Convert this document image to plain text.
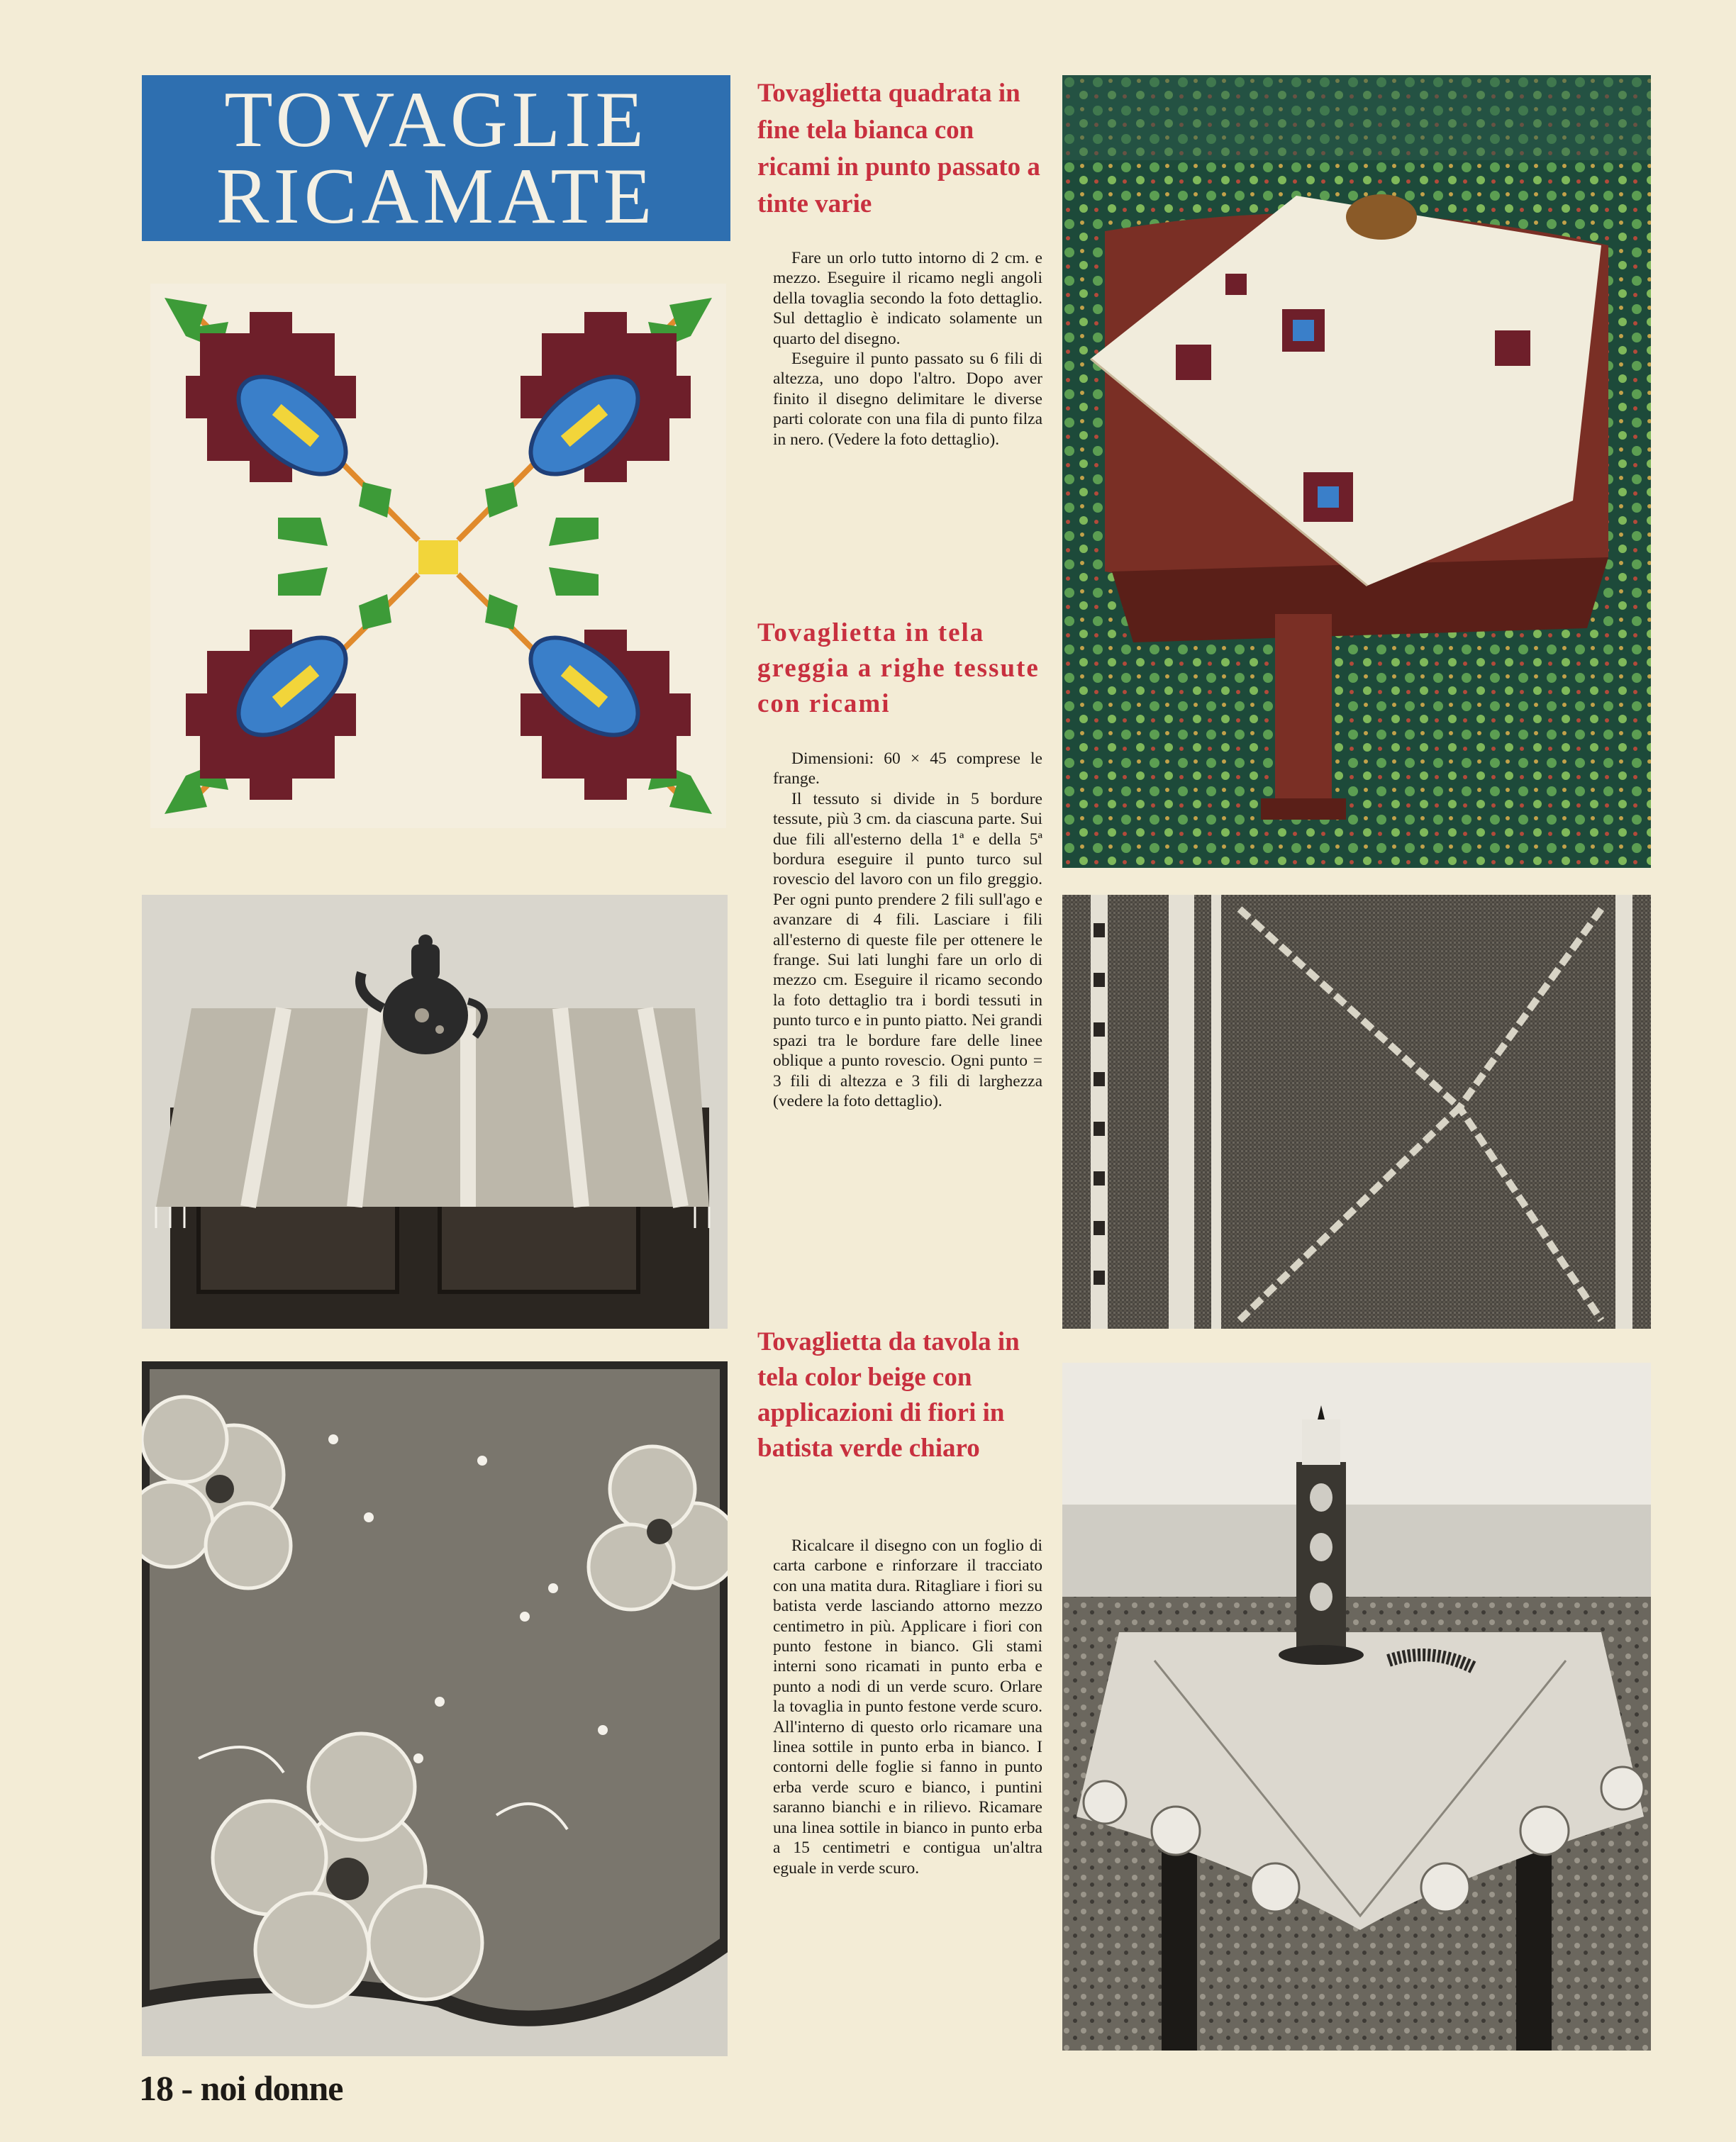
TOVAGLIE
RICAMATE
Tovaglietta quadrata in fine tela bianca con ricami in punto passato a tinte varie

Fare un orlo tutto intorno di 2 cm. e mezzo. Eseguire il ricamo negli angoli della tovaglia secondo la foto dettaglio. Sul dettaglio è indicato solamente un quarto del disegno.

Eseguire il punto passato su 6 fili di altezza, uno dopo l'altro. Dopo aver finito il disegno delimitare le diverse parti colorate con una fila di punto filza in nero. (Vedere la foto dettaglio).

Tovaglietta in tela greggia a righe tessute con ricami

Dimensioni: 60 × 45 comprese le frange.

Il tessuto si divide in 5 bordure tessute, più 3 cm. da ciascuna parte. Sui due fili all'esterno della 1ª e della 5ª bordura eseguire il punto turco sul rovescio del lavoro con un filo greggio. Per ogni punto prendere 2 fili sull'ago e avanzare di 4 fili. Lasciare i fili all'esterno di queste file per ottenere le frange. Sui lati lunghi fare un orlo di mezzo cm. Eseguire il ricamo secondo la foto dettaglio tra i bordi tessuti in punto turco e in punto piatto. Nei grandi spazi tra le bordure fare delle linee oblique a punto rovescio. Ogni punto = 3 fili di altezza e 3 fili di larghezza (vedere la foto dettaglio).

Tovaglietta da tavola in tela color beige con applicazioni di fiori in batista verde chiaro

Ricalcare il disegno con un foglio di carta carbone e rinforzare il tracciato con una matita dura. Ritagliare i fiori su batista verde lasciando attorno mezzo centimetro in più. Applicare i fiori con punto festone in bianco. Gli stami interni sono ricamati in punto erba e punto a nodi di un verde scuro. Orlare la tovaglia in punto festone verde scuro. All'interno di questo orlo ricamare una linea sottile in punto erba in bianco. I contorni delle foglie si fanno in punto erba verde scuro e bianco, i puntini saranno bianchi e in rilievo. Ricamare una linea sottile in bianco in punto erba a 15 centimetri e contigua un'altra eguale in verde scuro.

18 - noi donne
